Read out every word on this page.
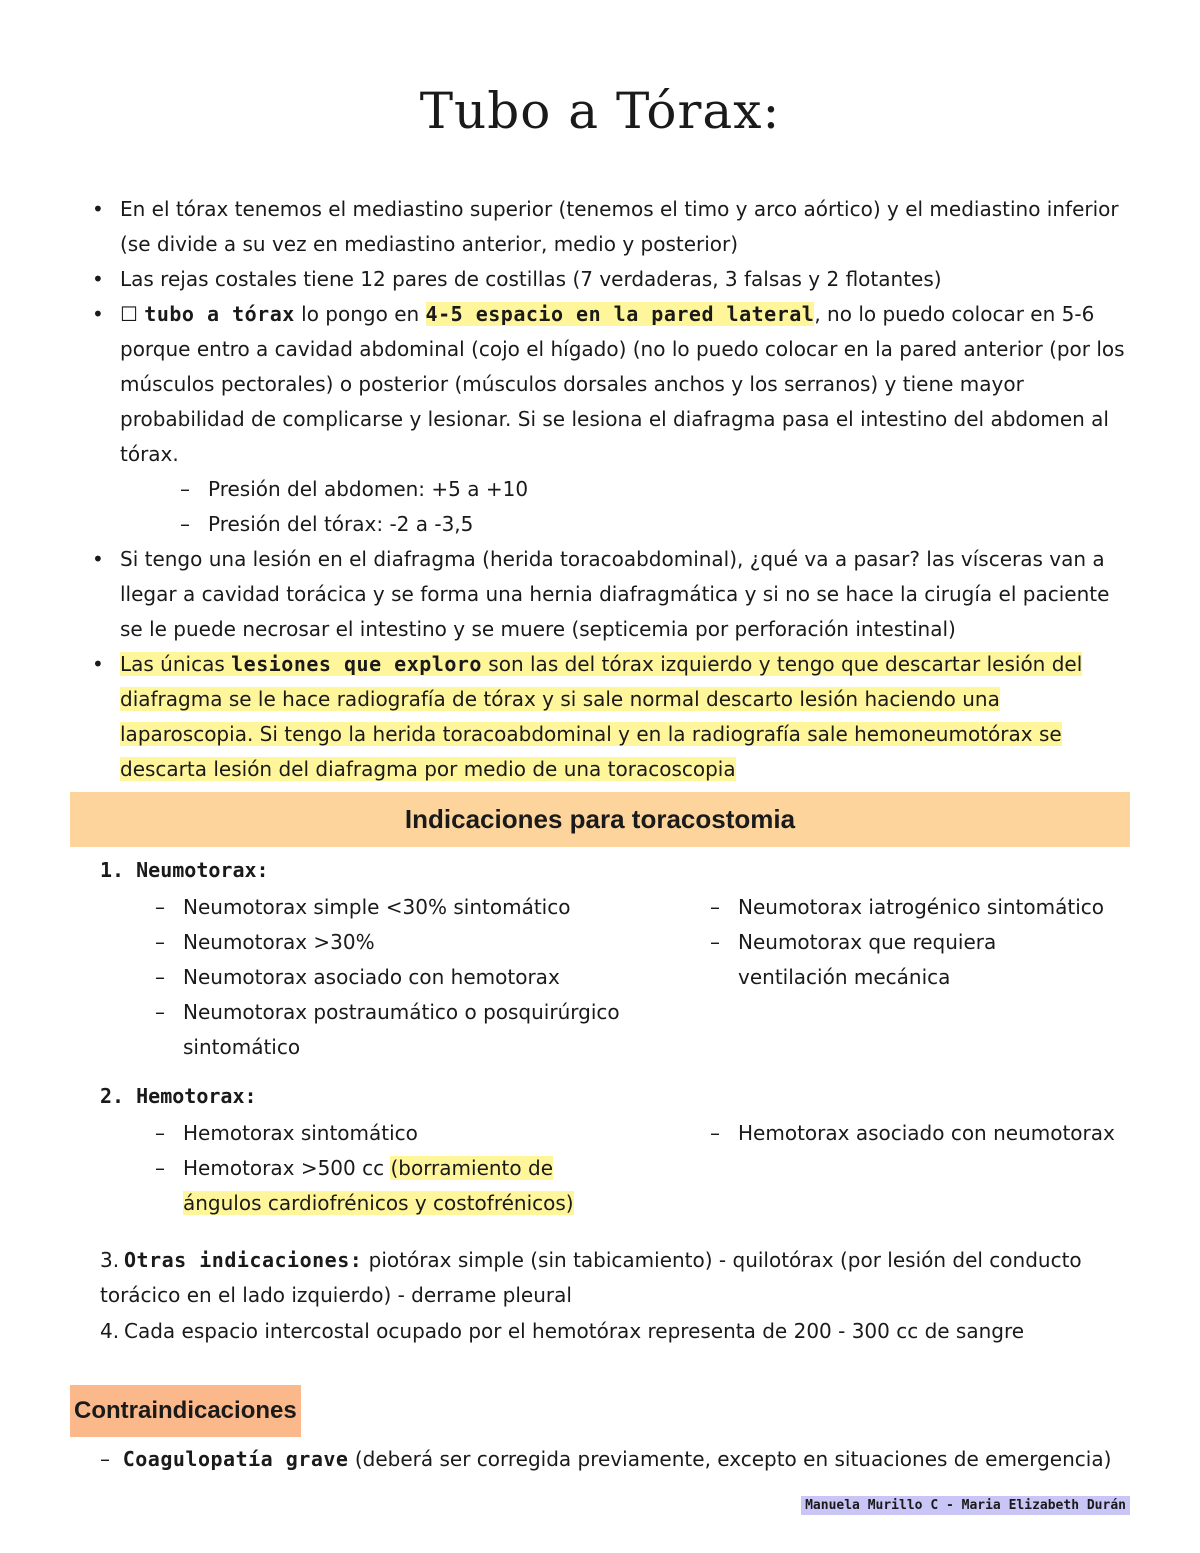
Tubo a Tórax:
• En el tórax tenemos el mediastino superior (tenemos el timo y arco aórtico) y el mediastino inferior (se divide a su vez en mediastino anterior, medio y posterior)
• Las rejas costales tiene 12 pares de costillas (7 verdaderas, 3 falsas y 2 flotantes)
• ☐ tubo a tórax lo pongo en 4-5 espacio en la pared lateral, no lo puedo colocar en 5-6 porque entro a cavidad abdominal (cojo el hígado) (no lo puedo colocar en la pared anterior (por los músculos pectorales) o posterior (músculos dorsales anchos y los serranos) y tiene mayor probabilidad de complicarse y lesionar. Si se lesiona el diafragma pasa el intestino del abdomen al tórax.
– Presión del abdomen: +5 a +10
– Presión del tórax: -2 a -3,5
• Si tengo una lesión en el diafragma (herida toracoabdominal), ¿qué va a pasar? las vísceras van a llegar a cavidad torácica y se forma una hernia diafragmática y si no se hace la cirugía el paciente se le puede necrosar el intestino y se muere (septicemia por perforación intestinal)
• Las únicas lesiones que exploro son las del tórax izquierdo y tengo que descartar lesión del diafragma se le hace radiografía de tórax y si sale normal descarto lesión haciendo una laparoscopia. Si tengo la herida toracoabdominal y en la radiografía sale hemoneumotórax se descarta lesión del diafragma por medio de una toracoscopia
Indicaciones para toracostomia
1. Neumotorax:
– Neumotorax simple <30% sintomático
– Neumotorax >30%
– Neumotorax asociado con hemotorax
– Neumotorax postraumático o posquirúrgico sintomático
– Neumotorax iatrogénico sintomático
– Neumotorax que requiera ventilación mecánica
2. Hemotorax:
– Hemotorax sintomático
– Hemotorax >500 cc (borramiento de ángulos cardiofrénicos y costofrénicos)
– Hemotorax asociado con neumotorax
3. Otras indicaciones: piotórax simple (sin tabicamiento) - quilotórax (por lesión del conducto torácico en el lado izquierdo) - derrame pleural
4. Cada espacio intercostal ocupado por el hemotórax representa de 200 - 300 cc de sangre
Contraindicaciones
–  Coagulopatía grave (deberá ser corregida previamente, excepto en situaciones de emergencia)
Manuela Murillo C - Maria Elizabeth Durán
